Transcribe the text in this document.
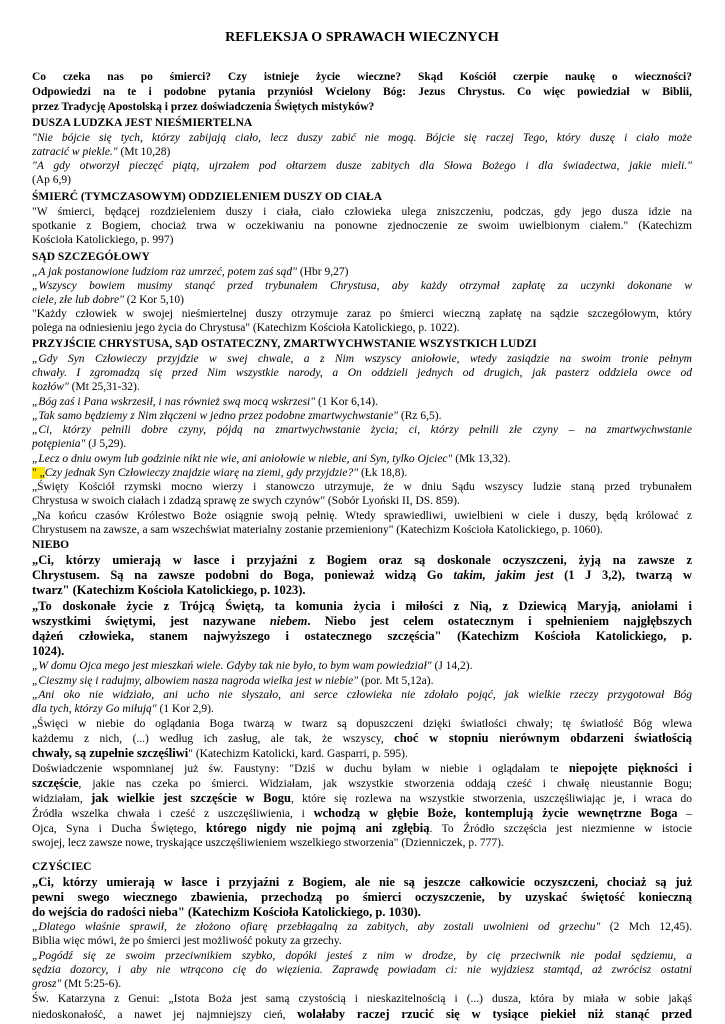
REFLEKSJA O SPRAWACH WIECZNYCH
Co czeka nas po śmierci? Czy istnieje życie wieczne? Skąd Kościół czerpie naukę o wieczności?
Odpowiedzi na te i podobne pytania przyniósł Wcielony Bóg: Jezus Chrystus. Co więc powiedział w Biblii,
przez Tradycję Apostolską i przez doświadczenia Świętych mistyków?
DUSZA LUDZKA JEST NIEŚMIERTELNA
"Nie bójcie się tych, którzy zabijają ciało, lecz duszy zabić nie mogą. Bójcie się raczej Tego, który duszę i ciało może
zatracić w piekle." (Mt 10,28)
"A gdy otworzył pieczęć piątą, ujrzałem pod ołtarzem dusze zabitych dla Słowa Bożego i dla świadectwa, jakie mieli."
(Ap 6,9)
ŚMIERĆ (TYMCZASOWYM) ODDZIELENIEM DUSZY OD CIAŁA
"W śmierci, będącej rozdzieleniem duszy i ciała, ciało człowieka ulega zniszczeniu, podczas, gdy jego dusza idzie na
spotkanie z Bogiem, chociaż trwa w oczekiwaniu na ponowne zjednoczenie ze swoim uwielbionym ciałem." (Katechizm
Kościoła Katolickiego, p. 997)
SĄD SZCZEGÓŁOWY
„A jak postanowione ludziom raz umrzeć, potem zaś sąd" (Hbr 9,27)
„Wszyscy bowiem musimy stanąć przed trybunałem Chrystusa, aby każdy otrzymał zapłatę za uczynki dokonane w
ciele, złe lub dobre" (2 Kor 5,10)
"Każdy człowiek w swojej nieśmiertelnej duszy otrzymuje zaraz po śmierci wieczną zapłatę na sądzie szczegółowym, który
polega na odniesieniu jego życia do Chrystusa" (Katechizm Kościoła Katolickiego, p. 1022).
PRZYJŚCIE CHRYSTUSA, SĄD OSTATECZNY, ZMARTWYCHWSTANIE WSZYSTKICH LUDZI
„Gdy Syn Człowieczy przyjdzie w swej chwale, a z Nim wszyscy aniołowie, wtedy zasiądzie na swoim tronie pełnym
chwały. I zgromadzą się przed Nim wszystkie narody, a On oddzieli jednych od drugich, jak pasterz oddziela owce od
kozłów" (Mt 25,31-32).
„Bóg zaś i Pana wskrzesił, i nas również swą mocą wskrzesi" (1 Kor 6,14).
„Tak samo będziemy z Nim złączeni w jedno przez podobne zmartwychwstanie" (Rz 6,5).
„Ci, którzy pełnili dobre czyny, pójdą na zmartwychwstanie życia; ci, którzy pełnili złe czyny – na zmartwychwstanie
potępienia" (J 5,29).
„Lecz o dniu owym lub godzinie nikt nie wie, ani aniołowie w niebie, ani Syn, tylko Ojciec" (Mk 13,32).
" „Czy jednak Syn Człowieczy znajdzie wiarę na ziemi, gdy przyjdzie?" (Łk 18,8).
„Święty Kościół rzymski mocno wierzy i stanowczo utrzymuje, że w dniu Sądu wszyscy ludzie staną przed trybunałem
Chrystusa w swoich ciałach i zdadzą sprawę ze swych czynów" (Sobór Lyoński II, DS. 859).
„Na końcu czasów Królestwo Boże osiągnie swoją pełnię. Wtedy sprawiedliwi, uwielbieni w ciele i duszy, będą królować z
Chrystusem na zawsze, a sam wszechświat materialny zostanie przemieniony" (Katechizm Kościoła Katolickiego, p. 1060).
NIEBO
„Ci, którzy umierają w łasce i przyjaźni z Bogiem oraz są doskonale oczyszczeni, żyją na zawsze z
Chrystusem. Są na zawsze podobni do Boga, ponieważ widzą Go takim, jakim jest (1 J 3,2), twarzą w
twarz" (Katechizm Kościoła Katolickiego, p. 1023).
„To doskonałe życie z Trójcą Świętą, ta komunia życia i miłości z Nią, z Dziewicą Maryją, aniołami i
wszystkimi świętymi, jest nazywane niebem. Niebo jest celem ostatecznym i spełnieniem najgłębszych
dążeń człowieka, stanem najwyższego i ostatecznego szczęścia" (Katechizm Kościoła Katolickiego, p.
1024).
„W domu Ojca mego jest mieszkań wiele. Gdyby tak nie było, to bym wam powiedział" (J 14,2).
„Cieszmy się i radujmy, albowiem nasza nagroda wielka jest w niebie" (por. Mt 5,12a).
„Ani oko nie widziało, ani ucho nie słyszało, ani serce człowieka nie zdołało pojąć, jak wielkie rzeczy przygotował Bóg
dla tych, którzy Go miłują" (1 Kor 2,9).
„Święci w niebie do oglądania Boga twarzą w twarz są dopuszczeni dzięki światłości chwały; tę światłość Bóg wlewa
każdemu z nich, (...) według ich zasług, ale tak, że wszyscy, choć w stopniu nierównym obdarzeni światłością
chwały, są zupełnie szczęśliwi" (Katechizm Katolicki, kard. Gasparri, p. 595).
Doświadczenie wspomnianej już św. Faustyny: "Dziś w duchu byłam w niebie i oglądałam te niepojęte piękności i
szczęście, jakie nas czeka po śmierci. Widziałam, jak wszystkie stworzenia oddają cześć i chwałę nieustannie Bogu;
widziałam, jak wielkie jest szczęście w Bogu, które się rozlewa na wszystkie stworzenia, uszczęśliwiając je, i wraca do
Źródła wszelka chwała i cześć z uszczęśliwienia, i wchodzą w głębie Boże, kontemplują życie wewnętrzne Boga –
Ojca, Syna i Ducha Świętego, którego nigdy nie pojmą ani zgłębią. To Źródło szczęścia jest niezmienne w istocie
swojej, lecz zawsze nowe, tryskające uszczęśliwieniem wszelkiego stworzenia" (Dzienniczek, p. 777).
CZYŚCIEC
„Ci, którzy umierają w łasce i przyjaźni z Bogiem, ale nie są jeszcze całkowicie oczyszczeni, chociaż są już
pewni swego wiecznego zbawienia, przechodzą po śmierci oczyszczenie, by uzyskać świętość konieczną
do wejścia do radości nieba" (Katechizm Kościoła Katolickiego, p. 1030).
„Dlatego właśnie sprawił, że złożono ofiarę przebłagalną za zabitych, aby zostali uwolnieni od grzechu" (2 Mch 12,45).
Biblia więc mówi, że po śmierci jest możliwość pokuty za grzechy.
„Pogódź się ze swoim przeciwnikiem szybko, dopóki jesteś z nim w drodze, by cię przeciwnik nie podał sędziemu, a
sędzia dozorcy, i aby nie wtrącono cię do więzienia. Zaprawdę powiadam ci: nie wyjdziesz stamtąd, aż zwrócisz ostatni
grosz" (Mt 5:25-6).
Św. Katarzyna z Genui: „Istota Boża jest samą czystością i nieskazitelnością i (...) dusza, która by miała w sobie jakąś
niedoskonałość, a nawet jej najmniejszy cień, wolałaby raczej rzucić się w tysiące piekieł niż stanąć przed
